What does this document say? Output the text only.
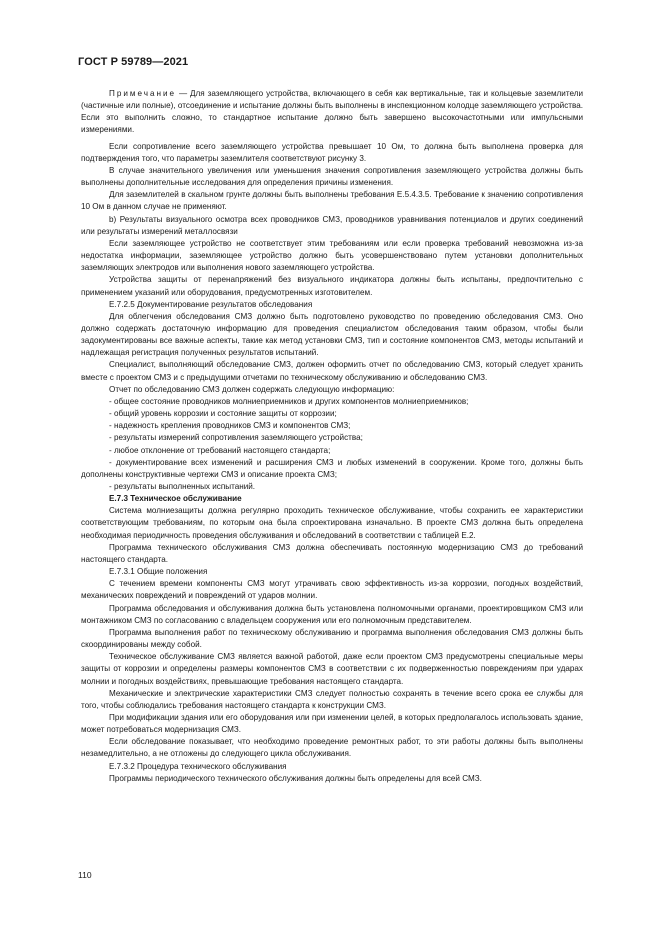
ГОСТ Р 59789—2021

Примечание — Для заземляющего устройства, включающего в себя как вертикальные, так и кольцевые заземлители (частичные или полные), отсоединение и испытание должны быть выполнены в инспекционном колодце заземляющего устройства. Если это выполнить сложно, то стандартное испытание должно быть завершено высокочастотными или импульсными измерениями.

Если сопротивление всего заземляющего устройства превышает 10 Ом, то должна быть выполнена проверка для подтверждения того, что параметры заземлителя соответствуют рисунку 3.

В случае значительного увеличения или уменьшения значения сопротивления заземляющего устройства должны быть выполнены дополнительные исследования для определения причины изменения.

Для заземлителей в скальном грунте должны быть выполнены требования Е.5.4.3.5. Требование к значению сопротивления 10 Ом в данном случае не применяют.

b) Результаты визуального осмотра всех проводников СМЗ, проводников уравнивания потенциалов и других соединений или результаты измерений металлосвязи

Если заземляющее устройство не соответствует этим требованиям или если проверка требований невозможна из-за недостатка информации, заземляющее устройство должно быть усовершенствовано путем установки дополнительных заземляющих электродов или выполнения нового заземляющего устройства.

Устройства защиты от перенапряжений без визуального индикатора должны быть испытаны, предпочтительно с применением указаний или оборудования, предусмотренных изготовителем.

Е.7.2.5 Документирование результатов обследования

Для облегчения обследования СМЗ должно быть подготовлено руководство по проведению обследования СМЗ. Оно должно содержать достаточную информацию для проведения специалистом обследования таким образом, чтобы были задокументированы все важные аспекты, такие как метод установки СМЗ, тип и состояние компонентов СМЗ, методы испытаний и надлежащая регистрация полученных результатов испытаний.

Специалист, выполняющий обследование СМЗ, должен оформить отчет по обследованию СМЗ, который следует хранить вместе с проектом СМЗ и с предыдущими отчетами по техническому обслуживанию и обследованию СМЗ.

Отчет по обследованию СМЗ должен содержать следующую информацию:

- общее состояние проводников молниеприемников и других компонентов молниеприемников;

- общий уровень коррозии и состояние защиты от коррозии;

- надежность крепления проводников СМЗ и компонентов СМЗ;

- результаты измерений сопротивления заземляющего устройства;

- любое отклонение от требований настоящего стандарта;

- документирование всех изменений и расширения СМЗ и любых изменений в сооружении. Кроме того, должны быть дополнены конструктивные чертежи СМЗ и описание проекта СМЗ;

- результаты выполненных испытаний.

Е.7.3 Техническое обслуживание

Система молниезащиты должна регулярно проходить техническое обслуживание, чтобы сохранить ее характеристики соответствующим требованиям, по которым она была спроектирована изначально. В проекте СМЗ должна быть определена необходимая периодичность проведения обслуживания и обследований в соответствии с таблицей Е.2.

Программа технического обслуживания СМЗ должна обеспечивать постоянную модернизацию СМЗ до требований настоящего стандарта.

Е.7.3.1 Общие положения

С течением времени компоненты СМЗ могут утрачивать свою эффективность из-за коррозии, погодных воздействий, механических повреждений и повреждений от ударов молнии.

Программа обследования и обслуживания должна быть установлена полномочными органами, проектировщиком СМЗ или монтажником СМЗ по согласованию с владельцем сооружения или его полномочным представителем.

Программа выполнения работ по техническому обслуживанию и программа выполнения обследования СМЗ должны быть скоординированы между собой.

Техническое обслуживание СМЗ является важной работой, даже если проектом СМЗ предусмотрены специальные меры защиты от коррозии и определены размеры компонентов СМЗ в соответствии с их подверженностью повреждениям при ударах молнии и погодных воздействиях, превышающие требования настоящего стандарта.

Механические и электрические характеристики СМЗ следует полностью сохранять в течение всего срока ее службы для того, чтобы соблюдались требования настоящего стандарта к конструкции СМЗ.

При модификации здания или его оборудования или при изменении целей, в которых предполагалось использовать здание, может потребоваться модернизация СМЗ.

Если обследование показывает, что необходимо проведение ремонтных работ, то эти работы должны быть выполнены незамедлительно, а не отложены до следующего цикла обслуживания.

Е.7.3.2 Процедура технического обслуживания

Программы периодического технического обслуживания должны быть определены для всей СМЗ.

110
